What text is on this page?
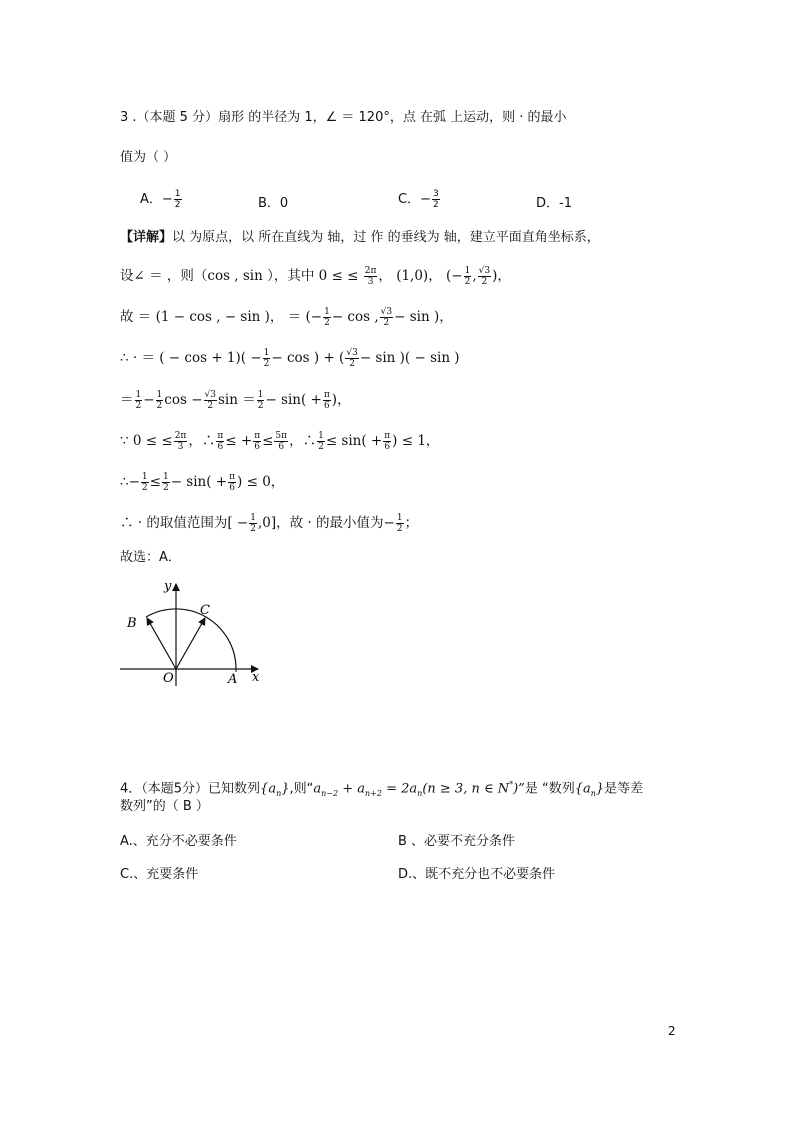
3 .（本题 5 分）扇形 的半径为 1，∠ ＝ 120°，点 在弧 上运动，则 · 的最小
值为（ ）
A．− $\frac{1}{2}$	B．0	C．− $\frac{3}{2}$	D．-1
【详解】以 为原点，以 所在直线为 轴，过 作 的垂线为 轴，建立平面直角坐标系，
设∠ ＝ ，则（cos , sin ），其中 0 ≤ ≤ $\frac{2\pi}{3}$ ， (1,0)， (− $\frac{1}{2}$ , $\frac{√3}{2}$ )，
故 ＝ (1 − cos , − sin )， ＝ (− $\frac{1}{2} - \cos$ , $\frac{√3}{2} - \sin$ )，
∴ · ＝ ( − $\cos + 1)( - \frac{1}{2} - \cos$ ) + ( $\frac{√3}{2} - \sin$ )( − sin )
＝ $\frac{1}{2} - \frac{1}{2}$ $\cos - \frac{√3}{2}$ $\sin = \frac{1}{2} - \sin( + \frac{\pi}{6}$ )，
∵ 0 ≤ ≤ $\frac{2\pi}{3}$ ，∴ $\frac{\pi}{6}$ ≤ + $\frac{\pi}{6} \le \frac{5\pi}{6}$ ，∴ $\frac{1}{2} \le \sin( + \frac{\pi}{6}$ ) ≤ 1，
∴− $\frac{1}{2} \le \frac{1}{2} - \sin( + \frac{\pi}{6}$ ) ≤ 0，
∴ · 的取值范围为[ − $\frac{1}{2} ,0$]，故 · 的最小值为− $\frac{1}{2}$ ；
故选：A．
y
x
O	A
B
C
4．（本题5分）已知数列$\{a_n\}$,则“$a_{n-2} + a_{n+2} = 2a_n(n \ge 3$, n ∈ N*)”是 “数列$\{a_n\}$是等差
数列”的（ B ）
A.、充分不必要条件	B 、必要不充分条件
C.、充要条件	D.、既不充分也不必要条件
2
